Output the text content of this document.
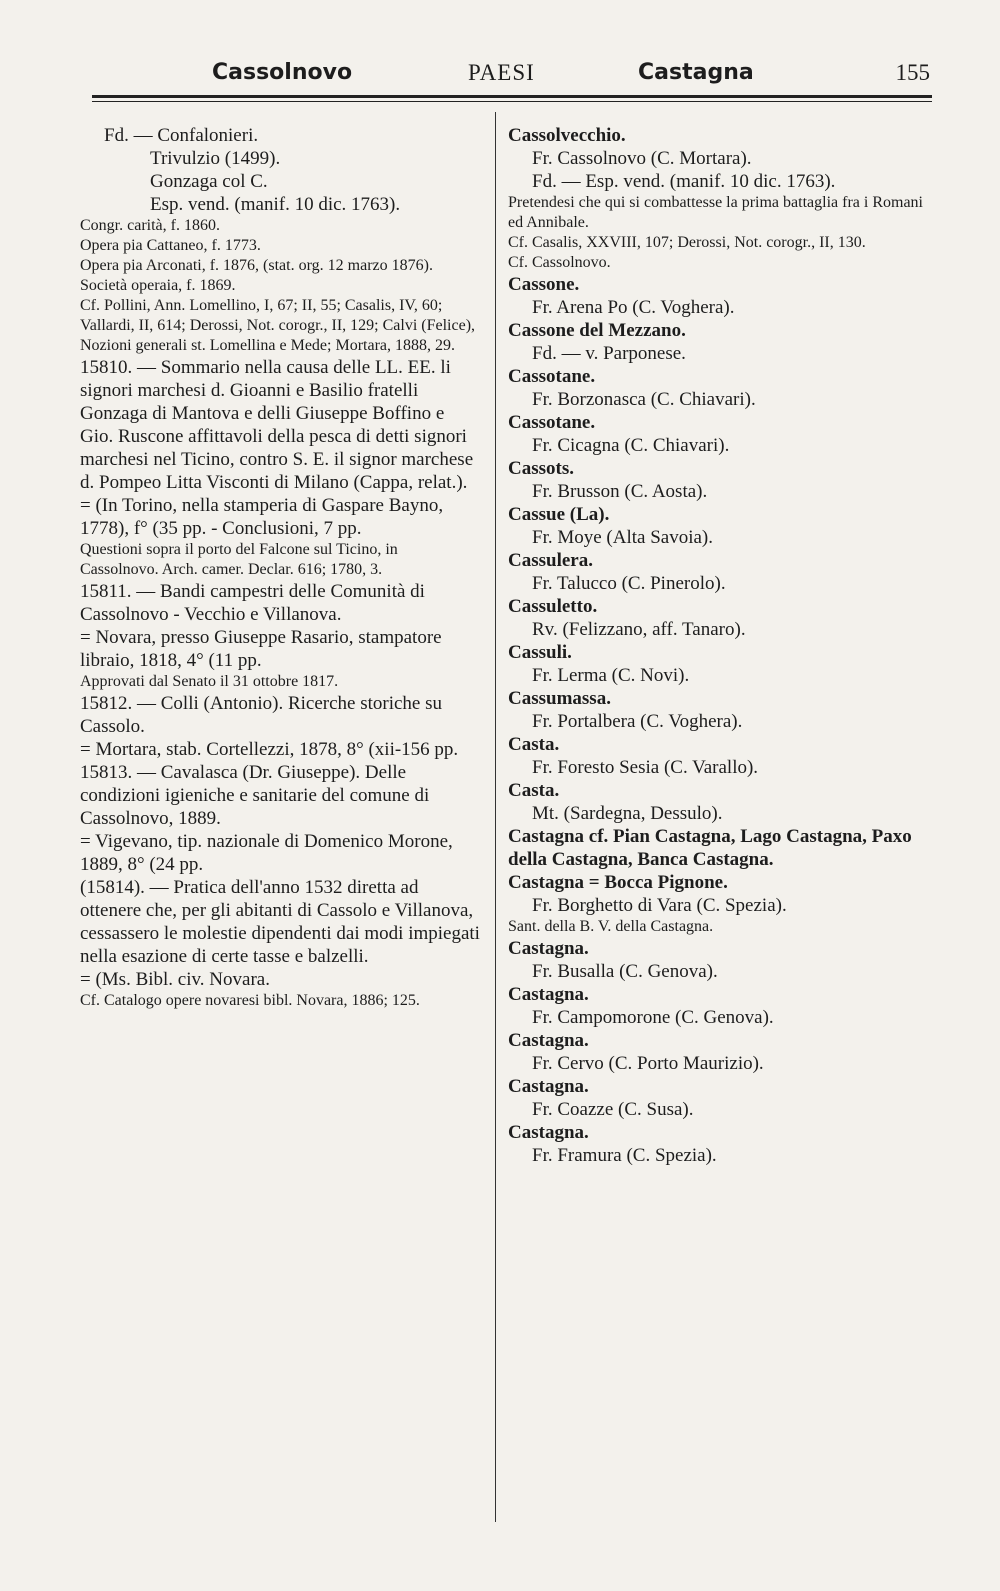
Cassolnovo	PAESI	Castagna	155

Fd. — Confalonieri.

Trivulzio (1499).

Gonzaga col C.

Esp. vend. (manif. 10 dic. 1763).

Congr. carità, f. 1860.

Opera pia Cattaneo, f. 1773.

Opera pia Arconati, f. 1876, (stat. org. 12 marzo 1876).

Società operaia, f. 1869.

Cf. Pollini, Ann. Lomellino, I, 67; II, 55; Casalis, IV, 60; Vallardi, II, 614; Derossi, Not. corogr., II, 129; Calvi (Felice), Nozioni generali st. Lomellina e Mede; Mortara, 1888, 29.

15810. — Sommario nella causa delle LL. EE. li signori marchesi d. Gioanni e Basilio fratelli Gonzaga di Mantova e delli Giuseppe Boffino e Gio. Ruscone affittavoli della pesca di detti signori marchesi nel Ticino, contro S. E. il signor marchese d. Pompeo Litta Visconti di Milano (Cappa, relat.).

= (In Torino, nella stamperia di Gaspare Bayno, 1778), f° (35 pp. - Conclusioni, 7 pp.

Questioni sopra il porto del Falcone sul Ticino, in Cassolnovo. Arch. camer. Declar. 616; 1780, 3.

15811. — Bandi campestri delle Comunità di Cassolnovo - Vecchio e Villanova.

= Novara, presso Giuseppe Rasario, stampatore libraio, 1818, 4° (11 pp.

Approvati dal Senato il 31 ottobre 1817.

15812. — Colli (Antonio). Ricerche storiche su Cassolo.

= Mortara, stab. Cortellezzi, 1878, 8° (xii-156 pp.

15813. — Cavalasca (Dr. Giuseppe). Delle condizioni igieniche e sanitarie del comune di Cassolnovo, 1889.

= Vigevano, tip. nazionale di Domenico Morone, 1889, 8° (24 pp.

(15814). — Pratica dell'anno 1532 diretta ad ottenere che, per gli abitanti di Cassolo e Villanova, cessassero le molestie dipendenti dai modi impiegati nella esazione di certe tasse e balzelli.

= (Ms. Bibl. civ. Novara.

Cf. Catalogo opere novaresi bibl. Novara, 1886; 125.

Cassolvecchio.

Fr. Cassolnovo (C. Mortara).

Fd. — Esp. vend. (manif. 10 dic. 1763).

Pretendesi che qui si combattesse la prima battaglia fra i Romani ed Annibale.

Cf. Casalis, XXVIII, 107; Derossi, Not. corogr., II, 130.

Cf. Cassolnovo.

Cassone.

Fr. Arena Po (C. Voghera).

Cassone del Mezzano.

Fd. — v. Parponese.

Cassotane.

Fr. Borzonasca (C. Chiavari).

Cassotane.

Fr. Cicagna (C. Chiavari).

Cassots.

Fr. Brusson (C. Aosta).

Cassue (La).

Fr. Moye (Alta Savoia).

Cassulera.

Fr. Talucco (C. Pinerolo).

Cassuletto.

Rv. (Felizzano, aff. Tanaro).

Cassuli.

Fr. Lerma (C. Novi).

Cassumassa.

Fr. Portalbera (C. Voghera).

Casta.

Fr. Foresto Sesia (C. Varallo).

Casta.

Mt. (Sardegna, Dessulo).

Castagna cf. Pian Castagna, Lago Castagna, Paxo della Castagna, Banca Castagna.

Castagna = Bocca Pignone.

Fr. Borghetto di Vara (C. Spezia).

Sant. della B. V. della Castagna.

Castagna.

Fr. Busalla (C. Genova).

Castagna.

Fr. Campomorone (C. Genova).

Castagna.

Fr. Cervo (C. Porto Maurizio).

Castagna.

Fr. Coazze (C. Susa).

Castagna.

Fr. Framura (C. Spezia).
